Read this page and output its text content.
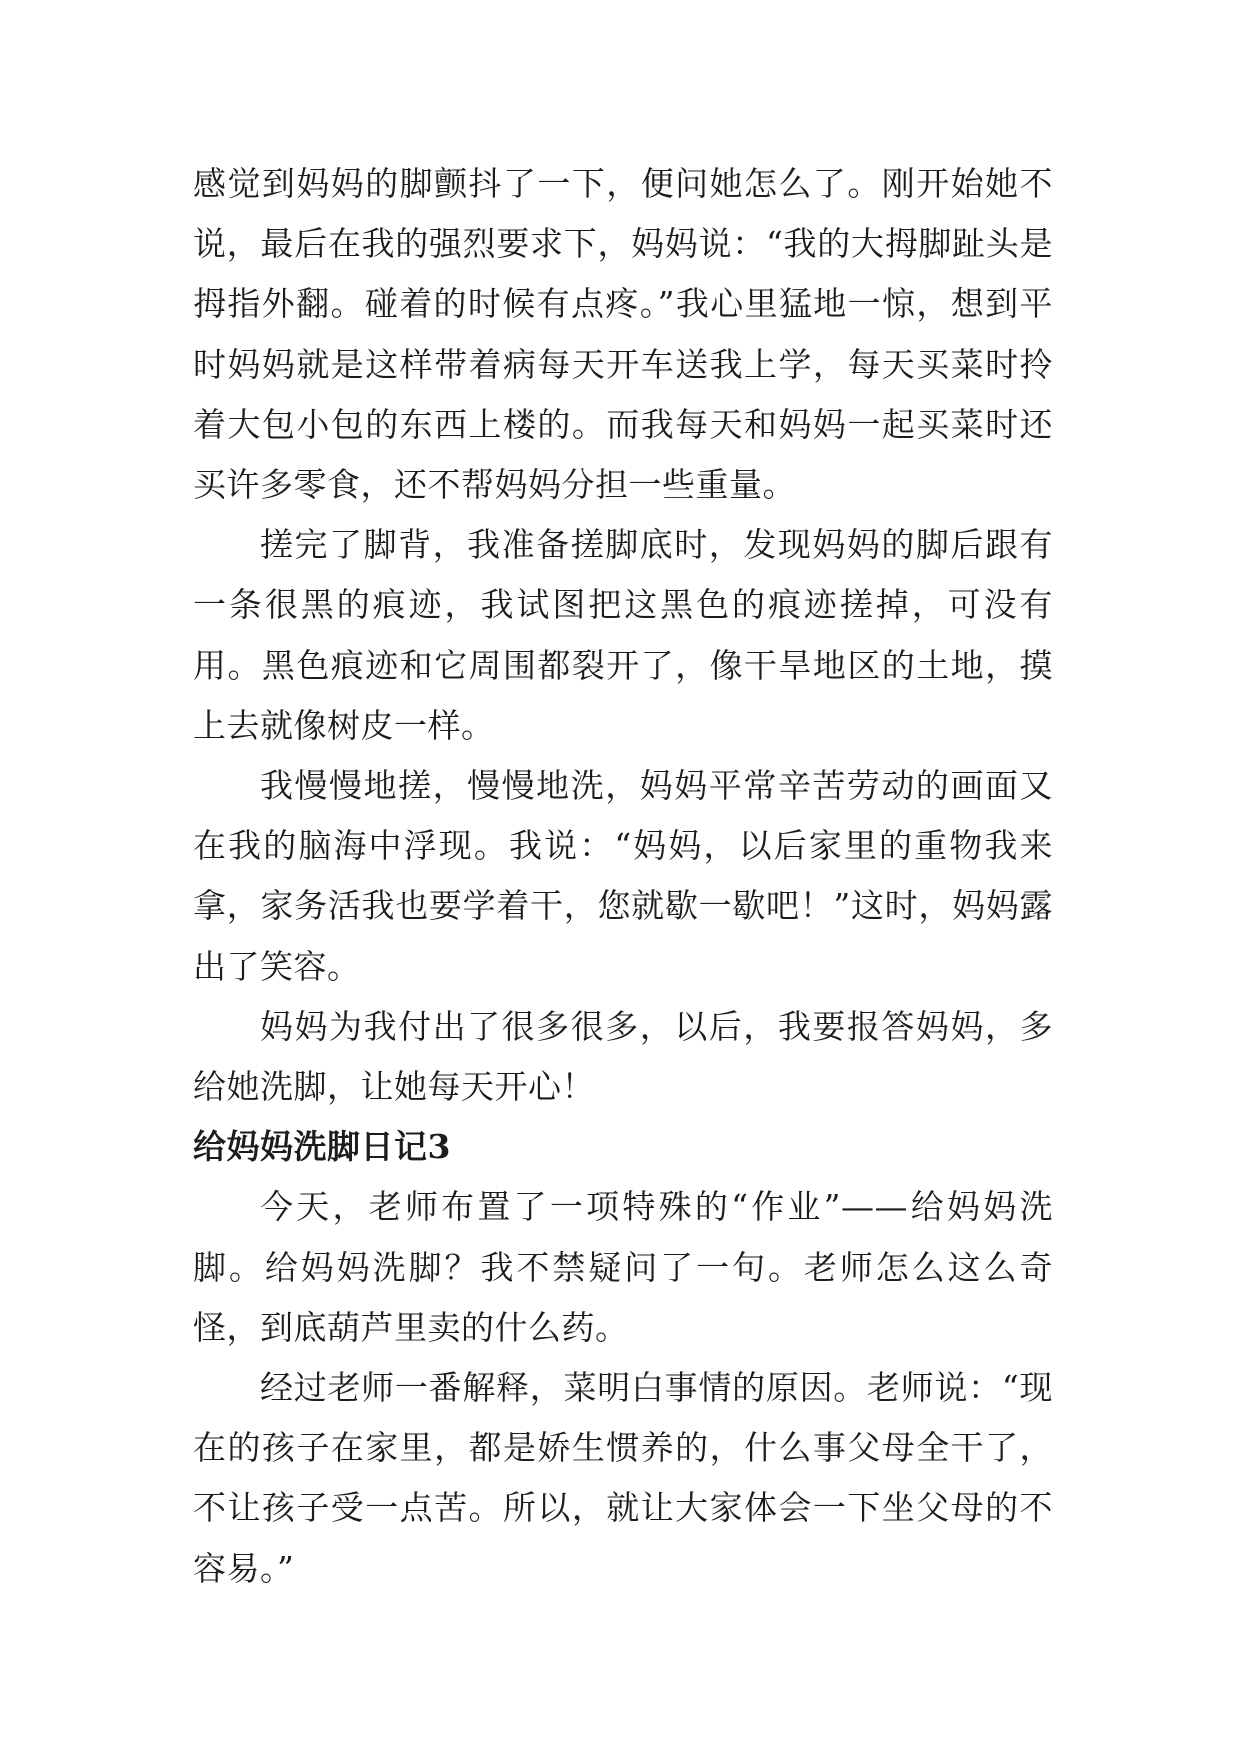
感觉到妈妈的脚颤抖了一下，便问她怎么了。刚开始她不说，最后在我的强烈要求下，妈妈说：“我的大拇脚趾头是拇指外翻。碰着的时候有点疼。”我心里猛地一惊，想到平时妈妈就是这样带着病每天开车送我上学，每天买菜时拎着大包小包的东西上楼的。而我每天和妈妈一起买菜时还买许多零食，还不帮妈妈分担一些重量。

搓完了脚背，我准备搓脚底时，发现妈妈的脚后跟有一条很黑的痕迹，我试图把这黑色的痕迹搓掉，可没有用。黑色痕迹和它周围都裂开了，像干旱地区的土地，摸上去就像树皮一样。

我慢慢地搓，慢慢地洗，妈妈平常辛苦劳动的画面又在我的脑海中浮现。我说：“妈妈，以后家里的重物我来拿，家务活我也要学着干，您就歇一歇吧！”这时，妈妈露出了笑容。

妈妈为我付出了很多很多，以后，我要报答妈妈，多给她洗脚，让她每天开心！

给妈妈洗脚日记3

今天，老师布置了一项特殊的“作业”——给妈妈洗脚。给妈妈洗脚？我不禁疑问了一句。老师怎么这么奇怪，到底葫芦里卖的什么药。

经过老师一番解释，菜明白事情的原因。老师说：“现在的孩子在家里，都是娇生惯养的，什么事父母全干了，不让孩子受一点苦。所以，就让大家体会一下坐父母的不容易。”
